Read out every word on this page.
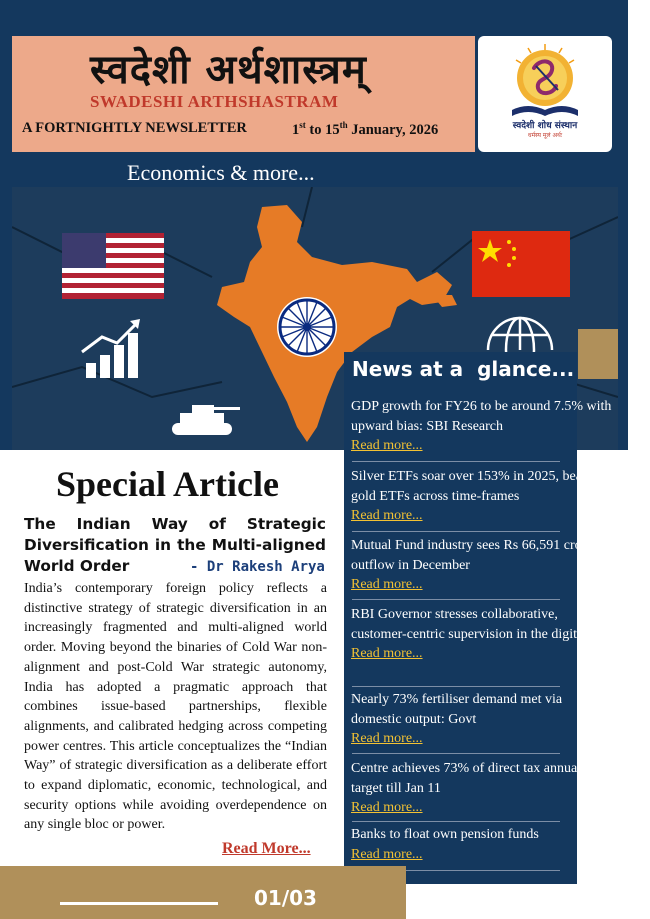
स्वदेशी अर्थशास्त्रम्
SWADESHI ARTHSHASTRAM
A FORTNIGHTLY NEWSLETTER	1st to 15th January, 2026	स्वदेशी शोध संस्थान
धर्मस्य मूलं अर्थः
Economics & more...
News at a  glance...
GDP growth for FY26 to be around 7.5% with upward bias: SBI Research
Read more...
Silver ETFs soar over 153% in 2025, beating gold ETFs across time-frames
Read more...
Mutual Fund industry sees Rs 66,591 crore outflow in December
Read more...
RBI Governor stresses collaborative, customer-centric supervision in the digital age
Read more...
Nearly 73% fertiliser demand met via domestic output: Govt
Read more...
Centre achieves 73% of direct tax annual target till Jan 11
Read more...
Banks to float own pension funds
Read more...
Special Article
The Indian Way of Strategic Diversification in the Multi-aligned World Order	- Dr Rakesh Arya
India’s contemporary foreign policy reflects a distinctive strategy of strategic diversification in an increasingly fragmented and multi-aligned world order. Moving beyond the binaries of Cold War non-alignment and post-Cold War strategic autonomy, India has adopted a pragmatic approach that combines issue-based partnerships, flexible alignments, and calibrated hedging across competing power centres. This article conceptualizes the “Indian Way” of strategic diversification as a deliberate effort to expand diplomatic, economic, technological, and security options while avoiding overdependence on any single bloc or power.
Read More...
01/03
